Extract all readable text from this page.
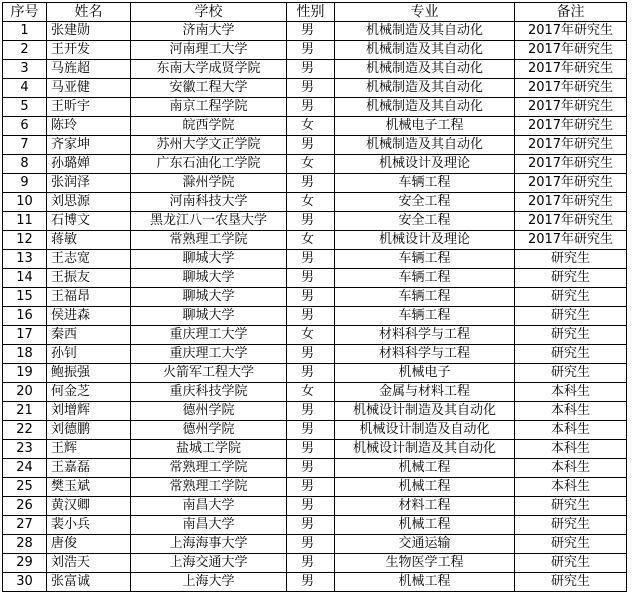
序号	姓名	学校	性别	专业	备注
1	张建勋	济南大学	男	机械制造及其自动化	2017年研究生
2	王开发	河南理工大学	男	机械制造及其自动化	2017年研究生
3	马旌超	东南大学成贤学院	男	机械制造及其自动化	2017年研究生
4	马亚健	安徽工程大学	男	机械制造及其自动化	2017年研究生
5	王昕宇	南京工程学院	男	机械制造及其自动化	2017年研究生
6	陈玲	皖西学院	女	机械电子工程	2017年研究生
7	齐家坤	苏州大学文正学院	男	机械制造及其自动化	2017年研究生
8	孙璐婵	广东石油化工学院	女	机械设计及理论	2017年研究生
9	张润泽	滁州学院	男	车辆工程	2017年研究生
10	刘思源	河南科技大学	女	安全工程	2017年研究生
11	石博文	黑龙江八一农垦大学	男	安全工程	2017年研究生
12	蒋敏	常熟理工学院	女	机械设计及理论	2017年研究生
13	王志宽	聊城大学	男	车辆工程	研究生
14	王振友	聊城大学	男	车辆工程	研究生
15	王福昂	聊城大学	男	车辆工程	研究生
16	侯进森	聊城大学	男	车辆工程	研究生
17	秦西	重庆理工大学	女	材料科学与工程	研究生
18	孙钊	重庆理工大学	男	材料科学与工程	研究生
19	鲍振强	火箭军工程大学	男	机械电子	研究生
20	何金芝	重庆科技学院	女	金属与材料工程	本科生
21	刘增辉	德州学院	男	机械设计制造及其自动化	本科生
22	刘德鹏	德州学院	男	机械设计制造及自动化	本科生
23	王辉	盐城工学院	男	机械设计制造及其自动化	本科生
24	王嘉磊	常熟理工学院	男	机械工程	本科生
25	樊玉斌	常熟理工学院	男	机械工程	本科生
26	黄汉卿	南昌大学	男	材料工程	研究生
27	裴小兵	南昌大学	男	机械工程	研究生
28	唐俊	上海海事大学	男	交通运输	研究生
29	刘浩天	上海交通大学	男	生物医学工程	研究生
30	张富诚	上海大学	男	机械工程	研究生
